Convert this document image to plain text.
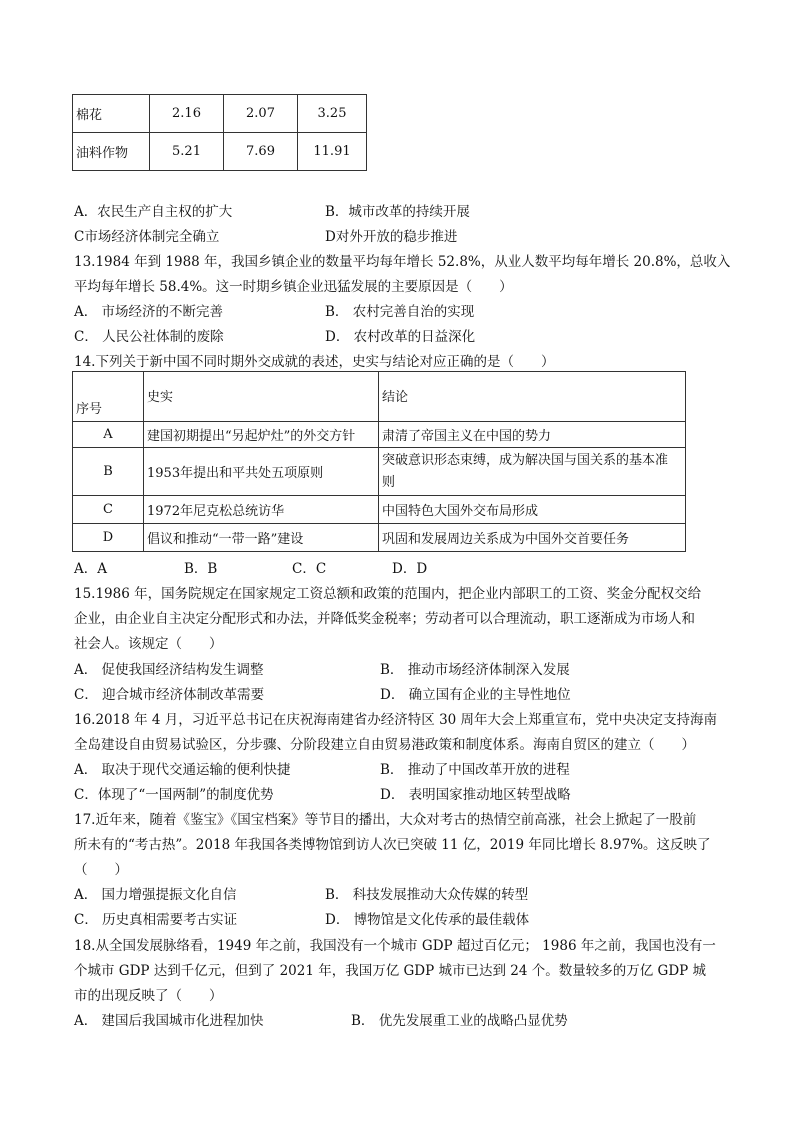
棉花	2.16	2.07	3.25
油料作物	5.21	7.69	11.91
A．农民生产自主权的扩大	B．城市改革的持续开展
C市场经济体制完全确立	D对外开放的稳步推进
13.1984 年到 1988 年，我国乡镇企业的数量平均每年增长 52.8%，从业人数平均每年增长 20.8%，总收入
平均每年增长 58.4%。这一时期乡镇企业迅猛发展的主要原因是（　　）
A． 市场经济的不断完善	B． 农村完善自治的实现
C． 人民公社体制的废除	D． 农村改革的日益深化
14.下列关于新中国不同时期外交成就的表述，史实与结论对应正确的是（　　）
序号	史实	结论
A	建国初期提出“另起炉灶”的外交方针	肃清了帝国主义在中国的势力
B	1953年提出和平共处五项原则	突破意识形态束缚，成为解决国与国关系的基本准
则

C	1972年尼克松总统访华	中国特色大国外交布局形成
D	倡议和推动“一带一路”建设	巩固和发展周边关系成为中国外交首要任务
A．A	B．B	C．C	D．D
15.1986 年，国务院规定在国家规定工资总额和政策的范围内，把企业内部职工的工资、奖金分配权交给
企业，由企业自主决定分配形式和办法，并降低奖金税率；劳动者可以合理流动，职工逐渐成为市场人和
社会人。该规定（　　）
A． 促使我国经济结构发生调整	B． 推动市场经济体制深入发展
C． 迎合城市经济体制改革需要	D． 确立国有企业的主导性地位
16.2018 年 4 月，习近平总书记在庆祝海南建省办经济特区 30 周年大会上郑重宣布，党中央决定支持海南
全岛建设自由贸易试验区，分步骤、分阶段建立自由贸易港政策和制度体系。海南自贸区的建立（　　）
A． 取决于现代交通运输的便利快捷	B． 推动了中国改革开放的进程
C．体现了“一国两制”的制度优势	D． 表明国家推动地区转型战略
17.近年来，随着《鉴宝》《国宝档案》等节目的播出，大众对考古的热情空前高涨，社会上掀起了一股前
所未有的“考古热”。2018 年我国各类博物馆到访人次已突破 11 亿，2019 年同比增长 8.97%。这反映了
（　　）
A． 国力增强提振文化自信	B． 科技发展推动大众传媒的转型
C． 历史真相需要考古实证	D． 博物馆是文化传承的最佳载体
18.从全国发展脉络看，1949 年之前，我国没有一个城市 GDP 超过百亿元； 1986 年之前，我国也没有一
个城市 GDP 达到千亿元，但到了 2021 年，我国万亿 GDP 城市已达到 24 个。数量较多的万亿 GDP 城
市的出现反映了（　　）
A． 建国后我国城市化进程加快	B． 优先发展重工业的战略凸显优势
